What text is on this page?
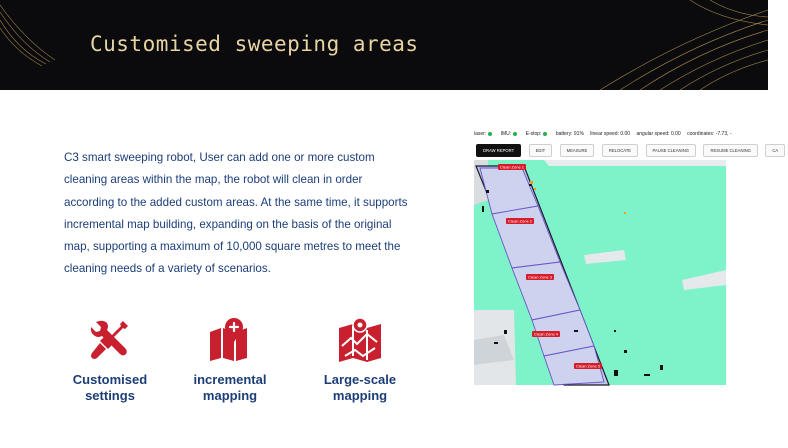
Customised sweeping areas
C3 smart sweeping robot, User can add one or more custom
cleaning areas within the map, the robot will clean in order
according to the added custom areas. At the same time, it supports
incremental map building, expanding on the basis of the original
map, supporting a maximum of 10,000 square metres to meet the
cleaning needs of a variety of scenarios.
Customised
settings
incremental
mapping
Large-scale
mapping
laser:	IMU:	E-stop:	battery: 91% linear speed: 0.00 angular speed: 0.00 coordinates: -7.73, -
DRAW REPORT	EDIT	MEASURE	RELOCATE	PAUSE CLEANING	RESUME CLEANING	CA
Clean Zone 1
Clean Zone 2
Clean Zone 3
Clean Zone 4
Clean Zone 5
